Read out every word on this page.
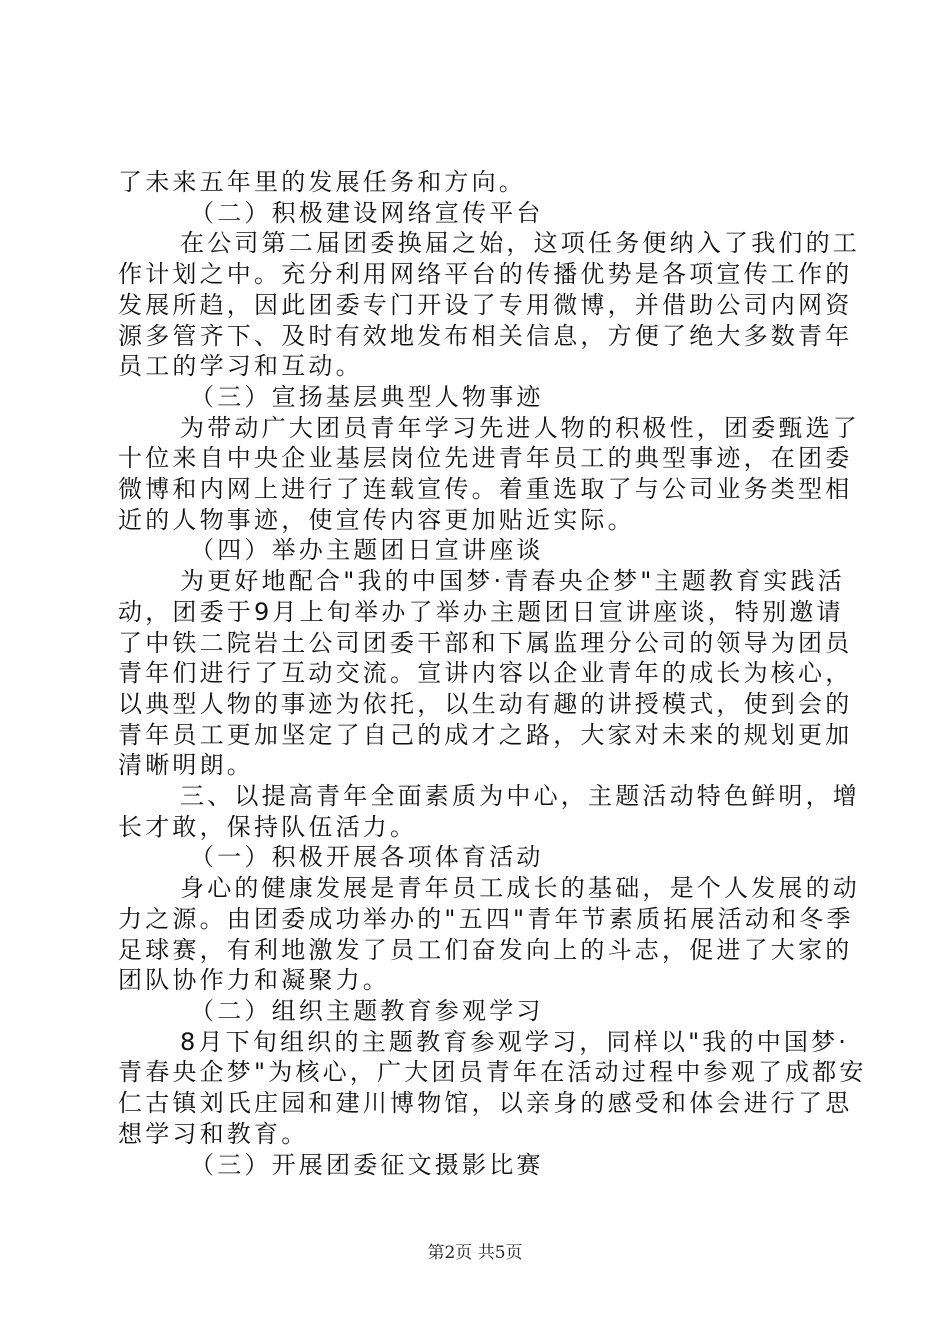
了未来五年里的发展任务和方向。

（二）积极建设网络宣传平台

在公司第二届团委换届之始，这项任务便纳入了我们的工

作计划之中。充分利用网络平台的传播优势是各项宣传工作的

发展所趋，因此团委专门开设了专用微博，并借助公司内网资

源多管齐下、及时有效地发布相关信息，方便了绝大多数青年

员工的学习和互动。

（三）宣扬基层典型人物事迹

为带动广大团员青年学习先进人物的积极性，团委甄选了

十位来自中央企业基层岗位先进青年员工的典型事迹，在团委

微博和内网上进行了连载宣传。着重选取了与公司业务类型相

近的人物事迹，使宣传内容更加贴近实际。

（四）举办主题团日宣讲座谈

为更好地配合"我的中国梦·青春央企梦"主题教育实践活

动，团委于9月上旬举办了举办主题团日宣讲座谈，特别邀请

了中铁二院岩土公司团委干部和下属监理分公司的领导为团员

青年们进行了互动交流。宣讲内容以企业青年的成长为核心，

以典型人物的事迹为依托，以生动有趣的讲授模式，使到会的

青年员工更加坚定了自己的成才之路，大家对未来的规划更加

清晰明朗。

三、以提高青年全面素质为中心，主题活动特色鲜明，增

长才敢，保持队伍活力。

（一）积极开展各项体育活动

身心的健康发展是青年员工成长的基础，是个人发展的动

力之源。由团委成功举办的"五四"青年节素质拓展活动和冬季

足球赛，有利地激发了员工们奋发向上的斗志，促进了大家的

团队协作力和凝聚力。

（二）组织主题教育参观学习

8月下旬组织的主题教育参观学习，同样以"我的中国梦·

青春央企梦"为核心，广大团员青年在活动过程中参观了成都安

仁古镇刘氏庄园和建川博物馆，以亲身的感受和体会进行了思

想学习和教育。

（三）开展团委征文摄影比赛

第2页 共5页
